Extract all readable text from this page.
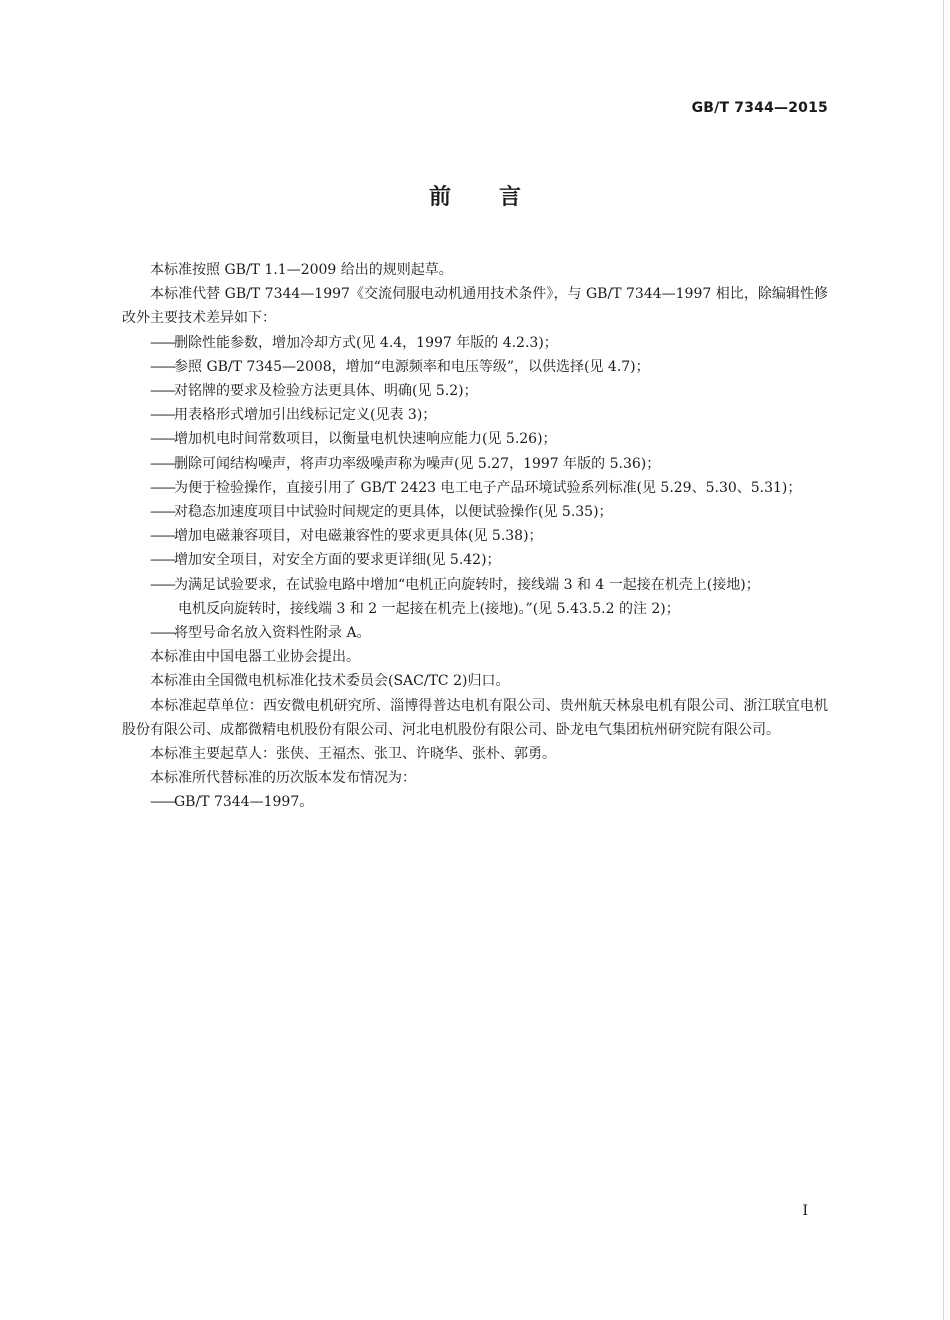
GB/T 7344—2015
前言

本标准按照 GB/T 1.1—2009 给出的规则起草。

本标准代替 GB/T 7344—1997《交流伺服电动机通用技术条件》，与 GB/T 7344—1997 相比，除编辑性修改外主要技术差异如下：

——删除性能参数，增加冷却方式(见 4.4，1997 年版的 4.2.3)；

——参照 GB/T 7345—2008，增加“电源频率和电压等级”，以供选择(见 4.7)；

——对铭牌的要求及检验方法更具体、明确(见 5.2)；

——用表格形式增加引出线标记定义(见表 3)；

——增加机电时间常数项目，以衡量电机快速响应能力(见 5.26)；

——删除可闻结构噪声，将声功率级噪声称为噪声(见 5.27，1997 年版的 5.36)；

——为便于检验操作，直接引用了 GB/T 2423 电工电子产品环境试验系列标准(见 5.29、5.30、5.31)；

——对稳态加速度项目中试验时间规定的更具体，以便试验操作(见 5.35)；

——增加电磁兼容项目，对电磁兼容性的要求更具体(见 5.38)；

——增加安全项目，对安全方面的要求更详细(见 5.42)；

——为满足试验要求，在试验电路中增加“电机正向旋转时，接线端 3 和 4 一起接在机壳上(接地)；

电机反向旋转时，接线端 3 和 2 一起接在机壳上(接地)。”(见 5.43.5.2 的注 2)；

——将型号命名放入资料性附录 A。

本标准由中国电器工业协会提出。

本标准由全国微电机标准化技术委员会(SAC/TC 2)归口。

本标准起草单位：西安微电机研究所、淄博得普达电机有限公司、贵州航天林泉电机有限公司、浙江联宜电机股份有限公司、成都微精电机股份有限公司、河北电机股份有限公司、卧龙电气集团杭州研究院有限公司。

本标准主要起草人：张侠、王福杰、张卫、许晓华、张朴、郭勇。

本标准所代替标准的历次版本发布情况为：

——GB/T 7344—1997。

I
